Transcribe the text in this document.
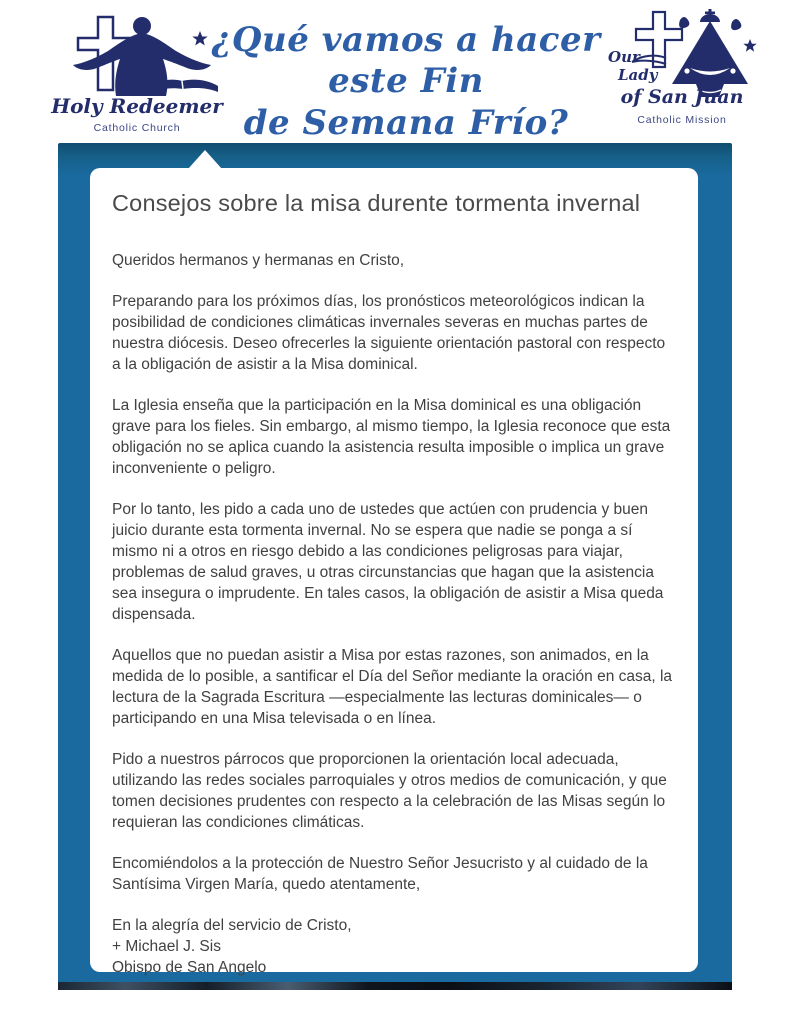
Holy Redeemer
Catholic Church
¿Qué vamos a hacer este Fin
de Semana Frío?
Our
Lady
of San Juan
Catholic Mission
Consejos sobre la misa durente tormenta invernal

Queridos hermanos y hermanas en Cristo,

Preparando para los próximos días, los pronósticos meteorológicos indican la posibilidad de condiciones climáticas invernales severas en muchas partes de nuestra diócesis. Deseo ofrecerles la siguiente orientación pastoral con respecto a la obligación de asistir a la Misa dominical.

La Iglesia enseña que la participación en la Misa dominical es una obligación grave para los fieles. Sin embargo, al mismo tiempo, la Iglesia reconoce que esta obligación no se aplica cuando la asistencia resulta imposible o implica un grave inconveniente o peligro.

Por lo tanto, les pido a cada uno de ustedes que actúen con prudencia y buen juicio durante esta tormenta invernal. No se espera que nadie se ponga a sí mismo ni a otros en riesgo debido a las condiciones peligrosas para viajar, problemas de salud graves, u otras circunstancias que hagan que la asistencia sea insegura o imprudente. En tales casos, la obligación de asistir a Misa queda dispensada.

Aquellos que no puedan asistir a Misa por estas razones, son animados, en la medida de lo posible, a santificar el Día del Señor mediante la oración en casa, la lectura de la Sagrada Escritura —especialmente las lecturas dominicales— o participando en una Misa televisada o en línea.

Pido a nuestros párrocos que proporcionen la orientación local adecuada, utilizando las redes sociales parroquiales y otros medios de comunicación, y que tomen decisiones prudentes con respecto a la celebración de las Misas según lo requieran las condiciones climáticas.

Encomiéndolos a la protección de Nuestro Señor Jesucristo y al cuidado de la Santísima Virgen María, quedo atentamente,

En la alegría del servicio de Cristo,

+ Michael J. Sis

Obispo de San Angelo
